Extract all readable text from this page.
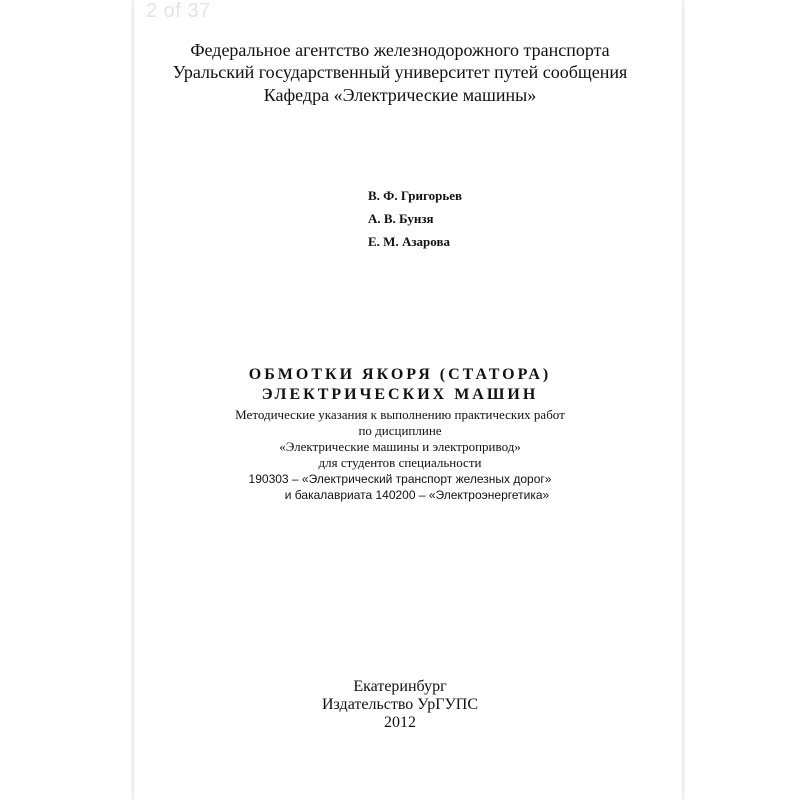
2 of 37
Федеральное агентство железнодорожного транспорта
Уральский государственный университет путей сообщения
Кафедра «Электрические машины»
В. Ф. Григорьев
А. В. Бунзя
Е. М. Азарова
ОБМОТКИ ЯКОРЯ (СТАТОРА)
ЭЛЕКТРИЧЕСКИХ МАШИН
Методические указания к выполнению практических работ
по дисциплине
«Электрические машины и электропривод»
для студентов специальности
190303 – «Электрический транспорт железных дорог»
и бакалавриата 140200 – «Электроэнергетика»
Екатеринбург
Издательство УрГУПС
2012
